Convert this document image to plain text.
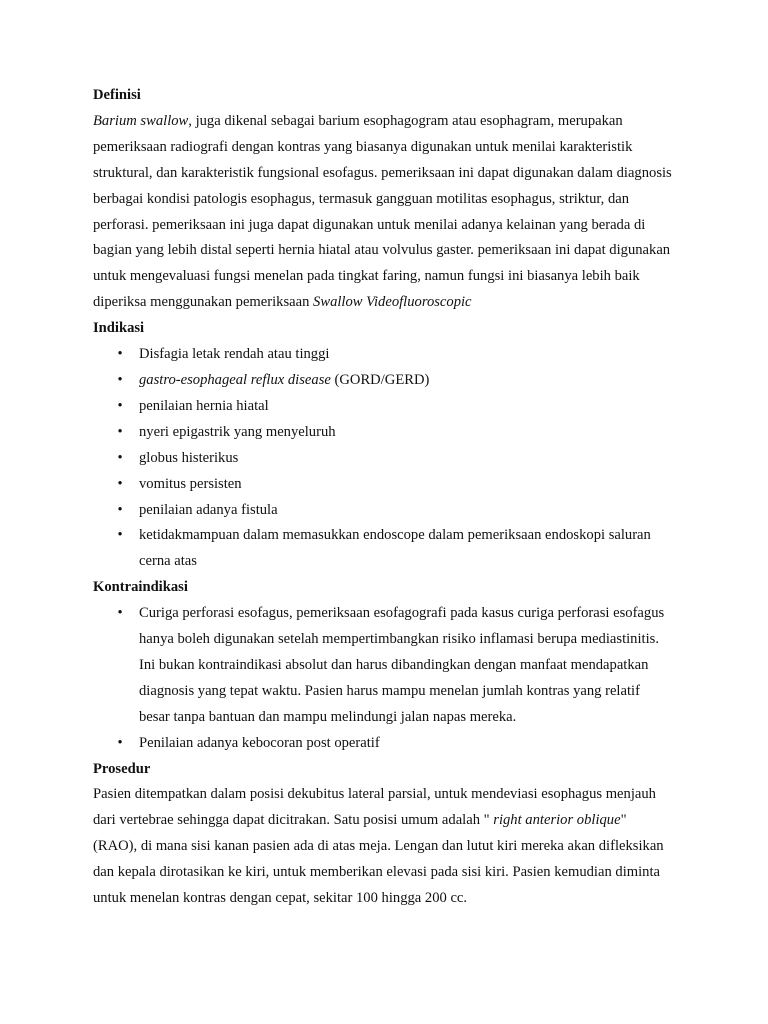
Definisi

Barium swallow, juga dikenal sebagai barium esophagogram atau esophagram, merupakan pemeriksaan radiografi dengan kontras yang biasanya digunakan untuk menilai karakteristik struktural, dan karakteristik fungsional esofagus. pemeriksaan ini dapat digunakan dalam diagnosis berbagai kondisi patologis esophagus, termasuk gangguan motilitas esophagus, striktur, dan perforasi. pemeriksaan ini juga dapat digunakan untuk menilai adanya kelainan yang berada di bagian yang lebih distal seperti hernia hiatal atau volvulus gaster. pemeriksaan ini dapat digunakan untuk mengevaluasi fungsi menelan pada tingkat faring, namun fungsi ini biasanya lebih baik diperiksa menggunakan pemeriksaan Swallow Videofluoroscopic

Indikasi

• Disfagia letak rendah atau tinggi
• gastro-esophageal reflux disease (GORD/GERD)
• penilaian hernia hiatal
• nyeri epigastrik yang menyeluruh
• globus histerikus
• vomitus persisten
• penilaian adanya fistula
• ketidakmampuan dalam memasukkan endoscope dalam pemeriksaan endoskopi saluran cerna atas

Kontraindikasi

• Curiga perforasi esofagus, pemeriksaan esofagografi pada kasus curiga perforasi esofagus hanya boleh digunakan setelah mempertimbangkan risiko inflamasi berupa mediastinitis. Ini bukan kontraindikasi absolut dan harus dibandingkan dengan manfaat mendapatkan diagnosis yang tepat waktu. Pasien harus mampu menelan jumlah kontras yang relatif besar tanpa bantuan dan mampu melindungi jalan napas mereka.
• Penilaian adanya kebocoran post operatif

Prosedur

Pasien ditempatkan dalam posisi dekubitus lateral parsial, untuk mendeviasi esophagus menjauh dari vertebrae sehingga dapat dicitrakan. Satu posisi umum adalah " right anterior oblique" (RAO), di mana sisi kanan pasien ada di atas meja. Lengan dan lutut kiri mereka akan difleksikan dan kepala dirotasikan ke kiri, untuk memberikan elevasi pada sisi kiri. Pasien kemudian diminta untuk menelan kontras dengan cepat, sekitar 100 hingga 200 cc.
